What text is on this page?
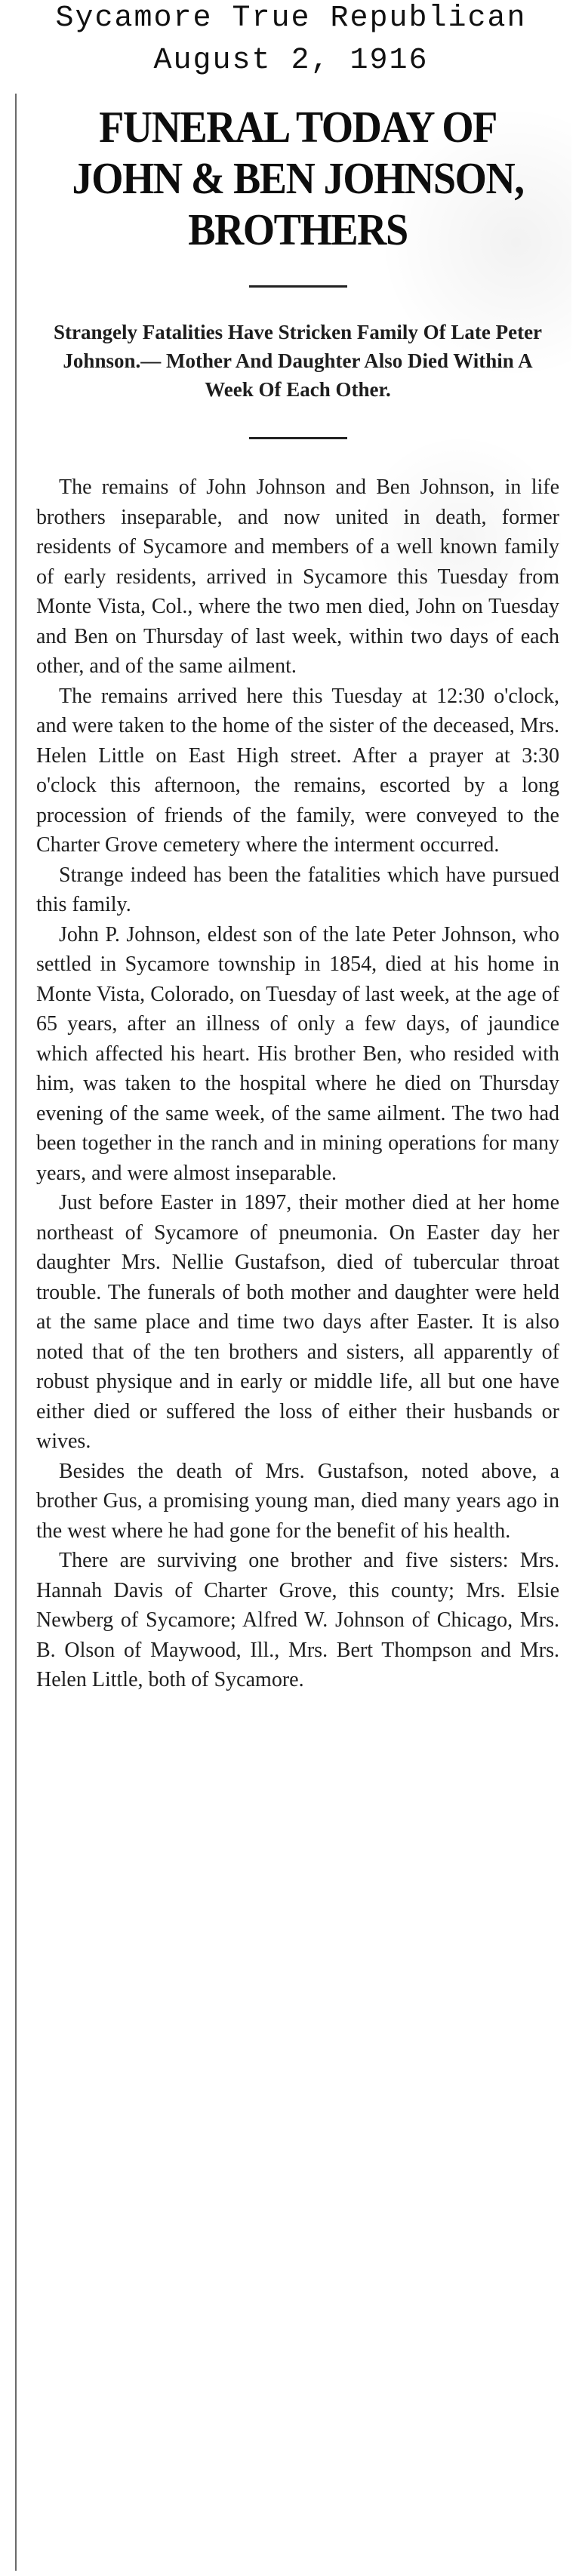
Sycamore True Republican
August 2, 1916
FUNERAL TODAY OF JOHN & BEN JOHNSON, BROTHERS
Strangely Fatalities Have Stricken Family Of Late Peter Johnson.— Mother And Daughter Also Died Within A Week Of Each Other.

The remains of John Johnson and Ben Johnson, in life brothers inseparable, and now united in death, former residents of Sycamore and members of a well known family of early residents, arrived in Sycamore this Tuesday from Monte Vista, Col., where the two men died, John on Tuesday and Ben on Thursday of last week, within two days of each other, and of the same ailment.

The remains arrived here this Tuesday at 12:30 o'clock, and were taken to the home of the sister of the deceased, Mrs. Helen Little on East High street. After a prayer at 3:30 o'clock this afternoon, the remains, escorted by a long procession of friends of the family, were conveyed to the Charter Grove cemetery where the interment occurred.

Strange indeed has been the fatalities which have pursued this family.

John P. Johnson, eldest son of the late Peter Johnson, who settled in Sycamore township in 1854, died at his home in Monte Vista, Colorado, on Tuesday of last week, at the age of 65 years, after an illness of only a few days, of jaundice which affected his heart. His brother Ben, who resided with him, was taken to the hospital where he died on Thursday evening of the same week, of the same ailment. The two had been together in the ranch and in mining operations for many years, and were almost inseparable.

Just before Easter in 1897, their mother died at her home northeast of Sycamore of pneumonia. On Easter day her daughter Mrs. Nellie Gustafson, died of tubercular throat trouble. The funerals of both mother and daughter were held at the same place and time two days after Easter. It is also noted that of the ten brothers and sisters, all apparently of robust physique and in early or middle life, all but one have either died or suffered the loss of either their husbands or wives.

Besides the death of Mrs. Gustafson, noted above, a brother Gus, a promising young man, died many years ago in the west where he had gone for the benefit of his health.

There are surviving one brother and five sisters: Mrs. Hannah Davis of Charter Grove, this county; Mrs. Elsie Newberg of Sycamore; Alfred W. Johnson of Chicago, Mrs. B. Olson of Maywood, Ill., Mrs. Bert Thompson and Mrs. Helen Little, both of Sycamore.
